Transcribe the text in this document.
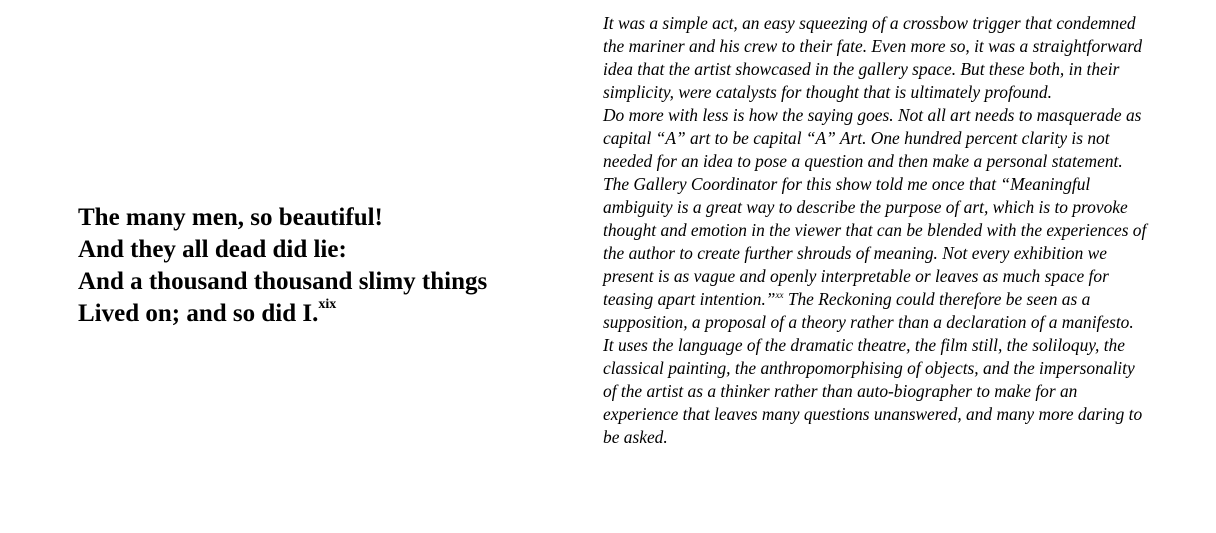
The many men, so beautiful!
And they all dead did lie:
And a thousand thousand slimy things
Lived on; and so did I.$^{xix}$

It was a simple act, an easy squeezing of a crossbow trigger that condemned the mariner and his crew to their fate. Even more so, it was a straightforward idea that the artist showcased in the gallery space. But these both, in their simplicity, were catalysts for thought that is ultimately profound.

Do more with less is how the saying goes. Not all art needs to masquerade as capital “A” art to be capital “A” Art. One hundred percent clarity is not needed for an idea to pose a question and then make a personal statement. The Gallery Coordinator for this show told me once that “Meaningful ambiguity is a great way to describe the purpose of art, which is to provoke thought and emotion in the viewer that can be blended with the experiences of the author to create further shrouds of meaning. Not every exhibition we present is as vague and openly interpretable or leaves as much space for teasing apart intention.”$^{xx}$ The Reckoning could therefore be seen as a supposition, a proposal of a theory rather than a declaration of a manifesto. It uses the language of the dramatic theatre, the film still, the soliloquy, the classical painting, the anthropomorphising of objects, and the impersonality of the artist as a thinker rather than auto-biographer to make for an experience that leaves many questions unanswered, and many more daring to be asked.
